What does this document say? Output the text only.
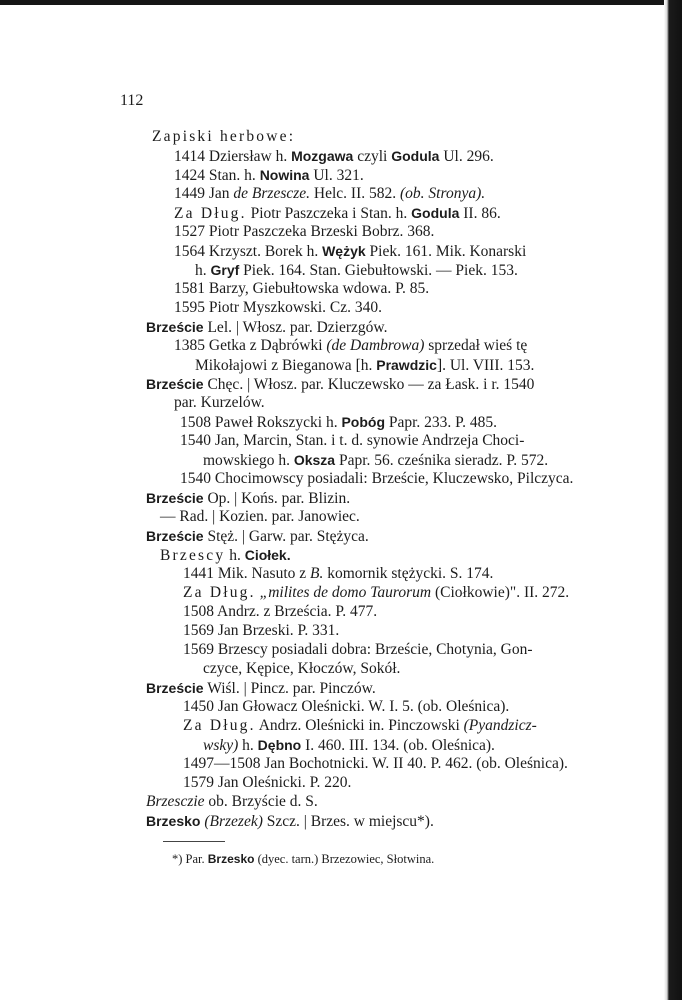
112
Zapiski herbowe:
1414 Dziersław h. Mozgawa czyli Godula Ul. 296.
1424 Stan. h. Nowina Ul. 321.
1449 Jan de Brzescze. Helc. II. 582. (ob. Stronya).
Za Dług. Piotr Paszczeka i Stan. h. Godula II. 86.
1527 Piotr Paszczeka Brzeski Bobrz. 368.
1564 Krzyszt. Borek h. Wężyk Piek. 161. Mik. Konarski
h. Gryf Piek. 164. Stan. Giebułtowski. — Piek. 153.
1581 Barzy, Giebułtowska wdowa. P. 85.
1595 Piotr Myszkowski. Cz. 340.
Brzeście Lel. | Włosz. par. Dzierzgów.
1385 Getka z Dąbrówki (de Dambrowa) sprzedał wieś tę
Mikołajowi z Bieganowa [h. Prawdzic]. Ul. VIII. 153.
Brzeście Chęc. | Włosz. par. Kluczewsko — za Łask. i r. 1540
par. Kurzelów.
1508 Paweł Rokszycki h. Pobóg Papr. 233. P. 485.
1540 Jan, Marcin, Stan. i t. d. synowie Andrzeja Choci-
mowskiego h. Oksza Papr. 56. cześnika sieradz. P. 572.
1540 Chocimowscy posiadali: Brzeście, Kluczewsko, Pilczyca.
Brzeście Op. | Końs. par. Blizin.
— Rad. | Kozien. par. Janowiec.
Brzeście Stęż. | Garw. par. Stężyca.
Brzescy h. Ciołek.
1441 Mik. Nasuto z B. komornik stężycki. S. 174.
Za Dług. „milites de domo Taurorum (Ciołkowie)". II. 272.
1508 Andrz. z Brześcia. P. 477.
1569 Jan Brzeski. P. 331.
1569 Brzescy posiadali dobra: Brzeście, Chotynia, Gon-
czyce, Kępice, Kłoczów, Sokół.
Brzeście Wiśl. | Pincz. par. Pinczów.
1450 Jan Głowacz Oleśnicki. W. I. 5. (ob. Oleśnica).
Za Dług. Andrz. Oleśnicki in. Pinczowski (Pyandzicz-
wsky) h. Dębno I. 460. III. 134. (ob. Oleśnica).
1497—1508 Jan Bochotnicki. W. II 40. P. 462. (ob. Oleśnica).
1579 Jan Oleśnicki. P. 220.
Brzesczie ob. Brzyście d. S.
Brzesko (Brzezek) Szcz. | Brzes. w miejscu*).
*) Par. Brzesko (dyec. tarn.) Brzezowiec, Słotwina.
